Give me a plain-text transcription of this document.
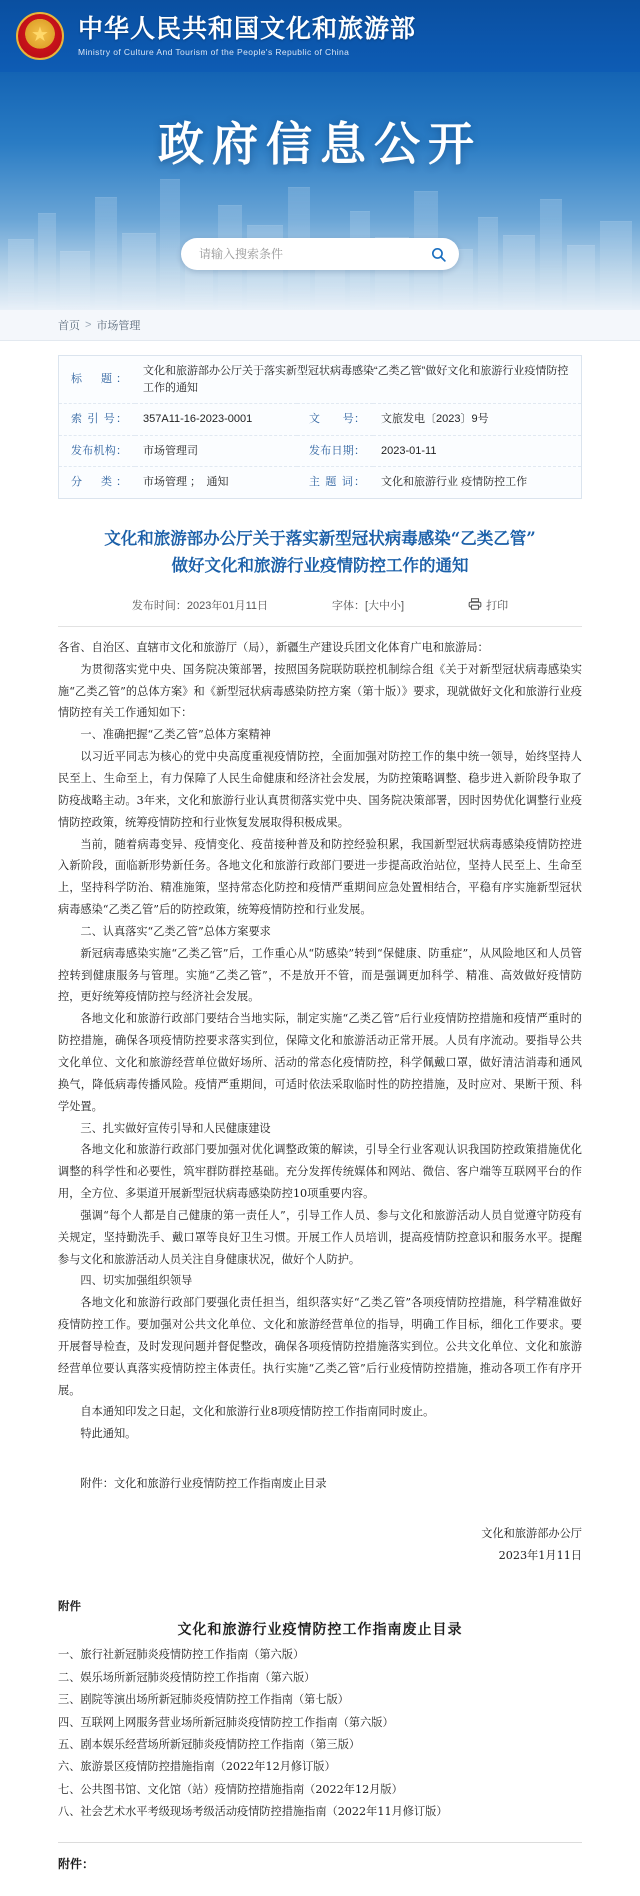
★
中华人民共和国文化和旅游部
Ministry of Culture And Tourism of the People's Republic of China
政府信息公开
请输入搜索条件
首页 > 市场管理
标　题：	文化和旅游部办公厅关于落实新型冠状病毒感染“乙类乙管”做好文化和旅游行业疫情防控工作的通知		
索 引 号：	357A11-16-2023-0001	文　　号：	文旅发电〔2023〕9号
发布机构：	市场管理司	发布日期：	2023-01-11
分　类：	市场管理 ；　通知	主 题 词：	文化和旅游行业 疫情防控工作
文化和旅游部办公厅关于落实新型冠状病毒感染“乙类乙管”
做好文化和旅游行业疫情防控工作的通知
发布时间：2023年01月11日	字体：[大中小]	打印

各省、自治区、直辖市文化和旅游厅（局），新疆生产建设兵团文化体育广电和旅游局：

为贯彻落实党中央、国务院决策部署，按照国务院联防联控机制综合组《关于对新型冠状病毒感染实施“乙类乙管”的总体方案》和《新型冠状病毒感染防控方案（第十版）》要求，现就做好文化和旅游行业疫情防控有关工作通知如下：

一、准确把握“乙类乙管”总体方案精神

以习近平同志为核心的党中央高度重视疫情防控，全面加强对防控工作的集中统一领导，始终坚持人民至上、生命至上，有力保障了人民生命健康和经济社会发展，为防控策略调整、稳步进入新阶段争取了防疫战略主动。3年来，文化和旅游行业认真贯彻落实党中央、国务院决策部署，因时因势优化调整行业疫情防控政策，统筹疫情防控和行业恢复发展取得积极成果。

当前，随着病毒变异、疫情变化、疫苗接种普及和防控经验积累，我国新型冠状病毒感染疫情防控进入新阶段，面临新形势新任务。各地文化和旅游行政部门要进一步提高政治站位，坚持人民至上、生命至上，坚持科学防治、精准施策，坚持常态化防控和疫情严重期间应急处置相结合，平稳有序实施新型冠状病毒感染“乙类乙管”后的防控政策，统筹疫情防控和行业发展。

二、认真落实“乙类乙管”总体方案要求

新冠病毒感染实施“乙类乙管”后，工作重心从“防感染”转到“保健康、防重症”，从风险地区和人员管控转到健康服务与管理。实施“乙类乙管”，不是放开不管，而是强调更加科学、精准、高效做好疫情防控，更好统筹疫情防控与经济社会发展。

各地文化和旅游行政部门要结合当地实际，制定实施“乙类乙管”后行业疫情防控措施和疫情严重时的防控措施，确保各项疫情防控要求落实到位，保障文化和旅游活动正常开展。人员有序流动。要指导公共文化单位、文化和旅游经营单位做好场所、活动的常态化疫情防控，科学佩戴口罩，做好清洁消毒和通风换气，降低病毒传播风险。疫情严重期间，可适时依法采取临时性的防控措施，及时应对、果断干预、科学处置。

三、扎实做好宣传引导和人民健康建设

各地文化和旅游行政部门要加强对优化调整政策的解读，引导全行业客观认识我国防控政策措施优化调整的科学性和必要性，筑牢群防群控基础。充分发挥传统媒体和网站、微信、客户端等互联网平台的作用，全方位、多渠道开展新型冠状病毒感染防控10项重要内容。

强调“每个人都是自己健康的第一责任人”，引导工作人员、参与文化和旅游活动人员自觉遵守防疫有关规定，坚持勤洗手、戴口罩等良好卫生习惯。开展工作人员培训，提高疫情防控意识和服务水平。提醒参与文化和旅游活动人员关注自身健康状况，做好个人防护。

四、切实加强组织领导

各地文化和旅游行政部门要强化责任担当，组织落实好“乙类乙管”各项疫情防控措施，科学精准做好疫情防控工作。要加强对公共文化单位、文化和旅游经营单位的指导，明确工作目标，细化工作要求。要开展督导检查，及时发现问题并督促整改，确保各项疫情防控措施落实到位。公共文化单位、文化和旅游经营单位要认真落实疫情防控主体责任。执行实施“乙类乙管”后行业疫情防控措施，推动各项工作有序开展。

自本通知印发之日起，文化和旅游行业8项疫情防控工作指南同时废止。

特此通知。

附件：文化和旅游行业疫情防控工作指南废止目录

文化和旅游部办公厅

2023年1月11日

附件

文化和旅游行业疫情防控工作指南废止目录

一、旅行社新冠肺炎疫情防控工作指南（第六版）

二、娱乐场所新冠肺炎疫情防控工作指南（第六版）

三、剧院等演出场所新冠肺炎疫情防控工作指南（第七版）

四、互联网上网服务营业场所新冠肺炎疫情防控工作指南（第六版）

五、剧本娱乐经营场所新冠肺炎疫情防控工作指南（第三版）

六、旅游景区疫情防控措施指南（2022年12月修订版）

七、公共图书馆、文化馆（站）疫情防控措施指南（2022年12月版）

八、社会艺术水平考级现场考级活动疫情防控措施指南（2022年11月修订版）

附件：
